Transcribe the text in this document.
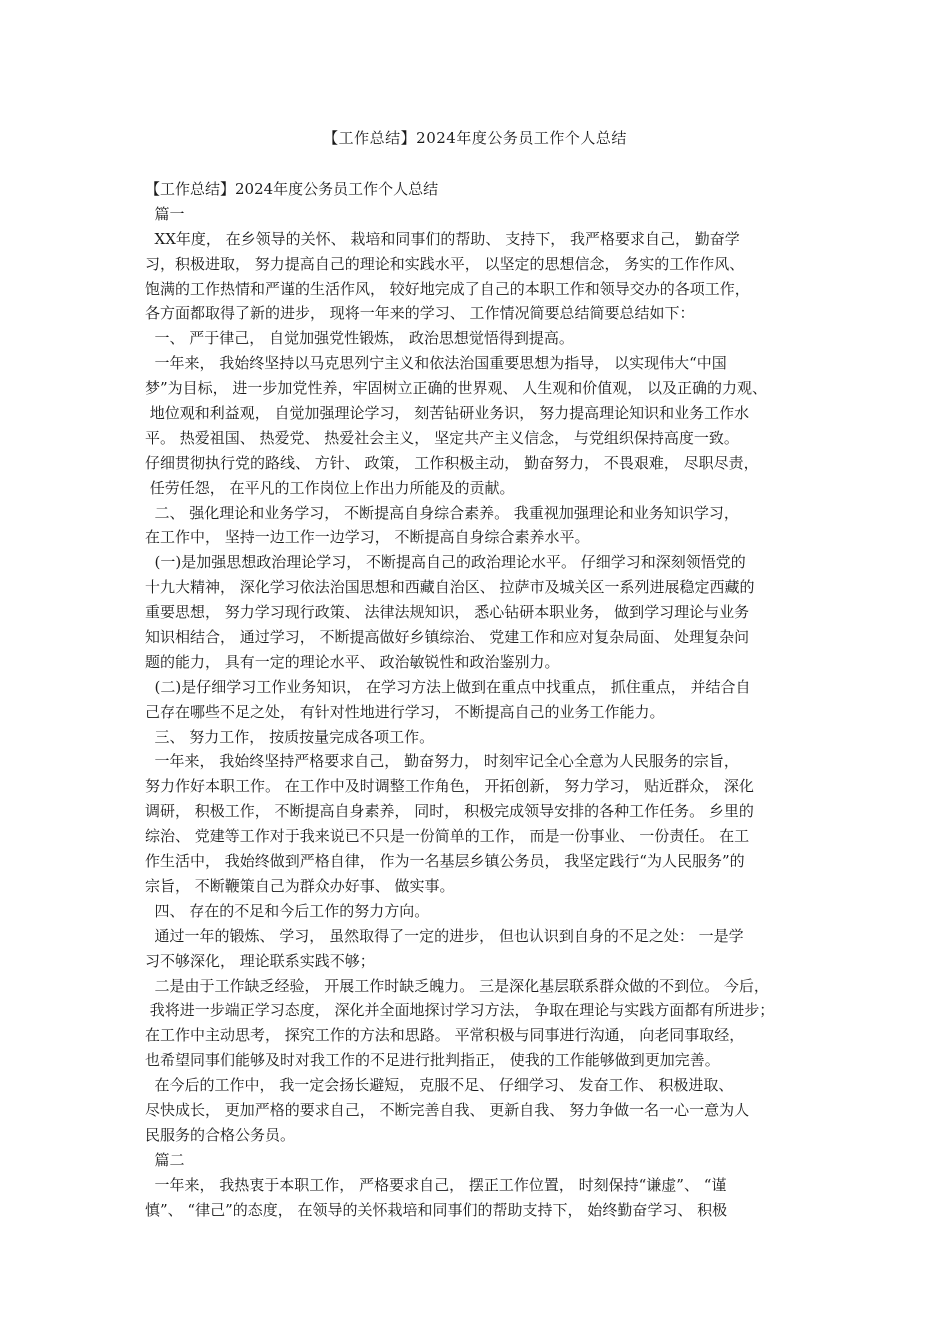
【工作总结】2024年度公务员工作个人总结
【工作总结】2024年度公务员工作个人总结
篇一
XX年度， 在乡领导的关怀、 栽培和同事们的帮助、 支持下， 我严格要求自己， 勤奋学
习，积极进取， 努力提高自己的理论和实践水平， 以坚定的思想信念， 务实的工作作风、
饱满的工作热情和严谨的生活作风， 较好地完成了自己的本职工作和领导交办的各项工作，
各方面都取得了新的进步， 现将一年来的学习、 工作情况简要总结简要总结如下：
一、 严于律己， 自觉加强党性锻炼， 政治思想觉悟得到提高。
一年来， 我始终坚持以马克思列宁主义和依法治国重要思想为指导， 以实现伟大“中国
梦”为目标， 进一步加党性养，牢固树立正确的世界观、 人生观和价值观， 以及正确的力观、
地位观和利益观， 自觉加强理论学习， 刻苦钻研业务识， 努力提高理论知识和业务工作水
平。 热爱祖国、 热爱党、 热爱社会主义， 坚定共产主义信念， 与党组织保持高度一致。
仔细贯彻执行党的路线、 方针、 政策， 工作积极主动， 勤奋努力， 不畏艰难， 尽职尽责，
任劳任怨， 在平凡的工作岗位上作出力所能及的贡献。
二、 强化理论和业务学习， 不断提高自身综合素养。 我重视加强理论和业务知识学习，
在工作中， 坚持一边工作一边学习， 不断提高自身综合素养水平。
(一)是加强思想政治理论学习， 不断提高自己的政治理论水平。 仔细学习和深刻领悟党的
十九大精神， 深化学习依法治国思想和西藏自治区、 拉萨市及城关区一系列进展稳定西藏的
重要思想， 努力学习现行政策、 法律法规知识， 悉心钻研本职业务， 做到学习理论与业务
知识相结合， 通过学习， 不断提高做好乡镇综治、 党建工作和应对复杂局面、 处理复杂问
题的能力， 具有一定的理论水平、 政治敏锐性和政治鉴别力。
(二)是仔细学习工作业务知识， 在学习方法上做到在重点中找重点， 抓住重点， 并结合自
己存在哪些不足之处， 有针对性地进行学习， 不断提高自己的业务工作能力。
三、 努力工作， 按质按量完成各项工作。
一年来， 我始终坚持严格要求自己， 勤奋努力， 时刻牢记全心全意为人民服务的宗旨，
努力作好本职工作。 在工作中及时调整工作角色， 开拓创新， 努力学习， 贴近群众， 深化
调研， 积极工作， 不断提高自身素养， 同时， 积极完成领导安排的各种工作任务。 乡里的
综治、 党建等工作对于我来说已不只是一份简单的工作， 而是一份事业、 一份责任。 在工
作生活中， 我始终做到严格自律， 作为一名基层乡镇公务员， 我坚定践行“为人民服务”的
宗旨， 不断鞭策自己为群众办好事、 做实事。
四、 存在的不足和今后工作的努力方向。
通过一年的锻炼、 学习， 虽然取得了一定的进步， 但也认识到自身的不足之处： 一是学
习不够深化， 理论联系实践不够；
二是由于工作缺乏经验， 开展工作时缺乏魄力。 三是深化基层联系群众做的不到位。 今后，
我将进一步端正学习态度， 深化并全面地探讨学习方法， 争取在理论与实践方面都有所进步；
在工作中主动思考， 探究工作的方法和思路。 平常积极与同事进行沟通， 向老同事取经，
也希望同事们能够及时对我工作的不足进行批判指正， 使我的工作能够做到更加完善。
在今后的工作中， 我一定会扬长避短， 克服不足、 仔细学习、 发奋工作、 积极进取、
尽快成长， 更加严格的要求自己， 不断完善自我、 更新自我、 努力争做一名一心一意为人
民服务的合格公务员。
篇二
一年来， 我热衷于本职工作， 严格要求自己， 摆正工作位置， 时刻保持“谦虚”、 “谨
慎”、 “律己”的态度， 在领导的关怀栽培和同事们的帮助支持下， 始终勤奋学习、 积极
